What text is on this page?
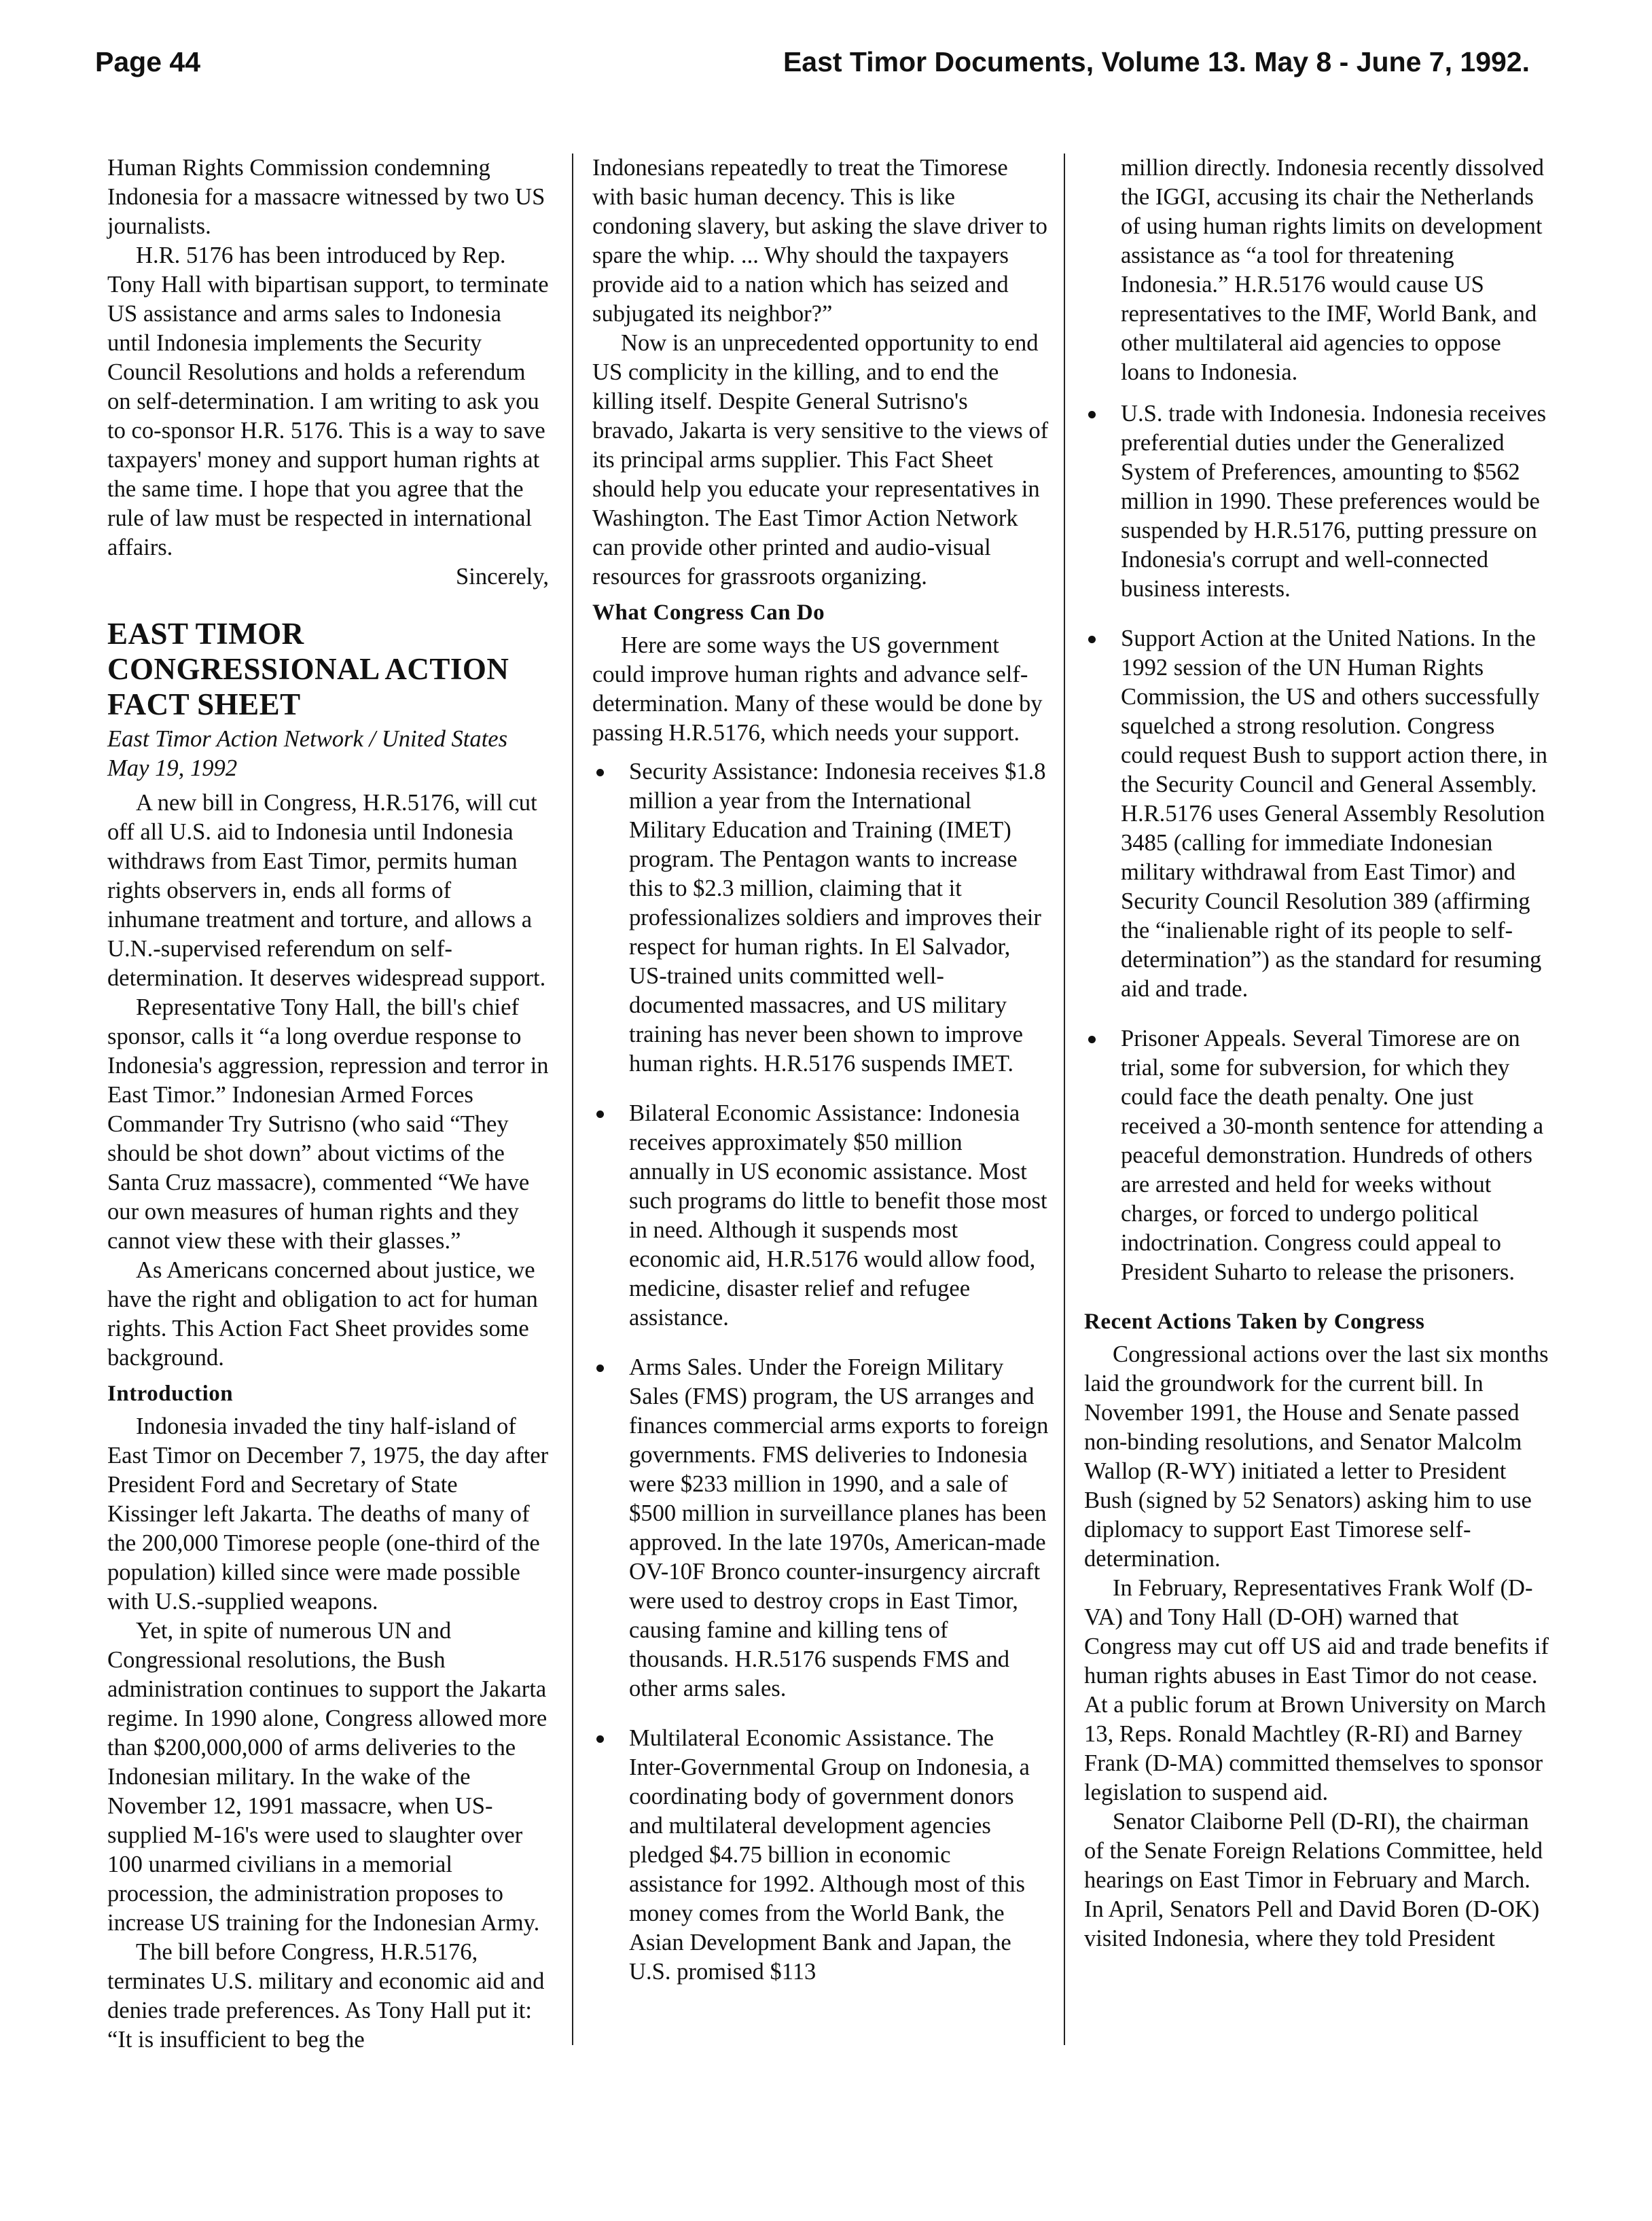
Page 44	East Timor Documents, Volume 13. May 8 - June 7, 1992.

Human Rights Commission condemning Indonesia for a massacre witnessed by two US journalists.

H.R. 5176 has been introduced by Rep. Tony Hall with bipartisan support, to terminate US assistance and arms sales to Indonesia until Indonesia implements the Security Council Resolutions and holds a referendum on self-determination. I am writing to ask you to co-sponsor H.R. 5176. This is a way to save taxpayers' money and support human rights at the same time. I hope that you agree that the rule of law must be respected in international affairs.

Sincerely,

EAST TIMOR CONGRESSIONAL ACTION FACT SHEET
East Timor Action Network / United States
May 19, 1992

A new bill in Congress, H.R.5176, will cut off all U.S. aid to Indonesia until Indonesia withdraws from East Timor, permits human rights observers in, ends all forms of inhumane treatment and torture, and allows a U.N.-supervised referendum on self-determination. It deserves widespread support.

Representative Tony Hall, the bill's chief sponsor, calls it “a long overdue response to Indonesia's aggression, repression and terror in East Timor.” Indonesian Armed Forces Commander Try Sutrisno (who said “They should be shot down” about victims of the Santa Cruz massacre), commented “We have our own measures of human rights and they cannot view these with their glasses.”

As Americans concerned about justice, we have the right and obligation to act for human rights. This Action Fact Sheet provides some background.

Introduction

Indonesia invaded the tiny half-island of East Timor on December 7, 1975, the day after President Ford and Secretary of State Kissinger left Jakarta. The deaths of many of the 200,000 Timorese people (one-third of the population) killed since were made possible with U.S.-supplied weapons.

Yet, in spite of numerous UN and Congressional resolutions, the Bush administration continues to support the Jakarta regime. In 1990 alone, Congress allowed more than $200,000,000 of arms deliveries to the Indonesian military. In the wake of the November 12, 1991 massacre, when US-supplied M-16's were used to slaughter over 100 unarmed civilians in a memorial procession, the administration proposes to increase US training for the Indonesian Army.

The bill before Congress, H.R.5176, terminates U.S. military and economic aid and denies trade preferences. As Tony Hall put it: “It is insufficient to beg the

Indonesians repeatedly to treat the Timorese with basic human decency. This is like condoning slavery, but asking the slave driver to spare the whip. ... Why should the taxpayers provide aid to a nation which has seized and subjugated its neighbor?”

Now is an unprecedented opportunity to end US complicity in the killing, and to end the killing itself. Despite General Sutrisno's bravado, Jakarta is very sensitive to the views of its principal arms supplier. This Fact Sheet should help you educate your representatives in Washington. The East Timor Action Network can provide other printed and audio-visual resources for grassroots organizing.

What Congress Can Do

Here are some ways the US government could improve human rights and advance self-determination. Many of these would be done by passing H.R.5176, which needs your support.

Security Assistance: Indonesia receives $1.8 million a year from the International Military Education and Training (IMET) program. The Pentagon wants to increase this to $2.3 million, claiming that it professionalizes soldiers and improves their respect for human rights. In El Salvador, US-trained units committed well-documented massacres, and US military training has never been shown to improve human rights. H.R.5176 suspends IMET.
Bilateral Economic Assistance: Indonesia receives approximately $50 million annually in US economic assistance. Most such programs do little to benefit those most in need. Although it suspends most economic aid, H.R.5176 would allow food, medicine, disaster relief and refugee assistance.
Arms Sales. Under the Foreign Military Sales (FMS) program, the US arranges and finances commercial arms exports to foreign governments. FMS deliveries to Indonesia were $233 million in 1990, and a sale of $500 million in surveillance planes has been approved. In the late 1970s, American-made OV-10F Bronco counter-insurgency aircraft were used to destroy crops in East Timor, causing famine and killing tens of thousands. H.R.5176 suspends FMS and other arms sales.
Multilateral Economic Assistance. The Inter-Governmental Group on Indonesia, a coordinating body of government donors and multilateral development agencies pledged $4.75 billion in economic assistance for 1992. Although most of this money comes from the World Bank, the Asian Development Bank and Japan, the U.S. promised $113

million directly. Indonesia recently dissolved the IGGI, accusing its chair the Netherlands of using human rights limits on development assistance as “a tool for threatening Indonesia.” H.R.5176 would cause US representatives to the IMF, World Bank, and other multilateral aid agencies to oppose loans to Indonesia.

U.S. trade with Indonesia. Indonesia receives preferential duties under the Generalized System of Preferences, amounting to $562 million in 1990. These preferences would be suspended by H.R.5176, putting pressure on Indonesia's corrupt and well-connected business interests.
Support Action at the United Nations. In the 1992 session of the UN Human Rights Commission, the US and others successfully squelched a strong resolution. Congress could request Bush to support action there, in the Security Council and General Assembly. H.R.5176 uses General Assembly Resolution 3485 (calling for immediate Indonesian military withdrawal from East Timor) and Security Council Resolution 389 (affirming the “inalienable right of its people to self-determination”) as the standard for resuming aid and trade.
Prisoner Appeals. Several Timorese are on trial, some for subversion, for which they could face the death penalty. One just received a 30-month sentence for attending a peaceful demonstration. Hundreds of others are arrested and held for weeks without charges, or forced to undergo political indoctrination. Congress could appeal to President Suharto to release the prisoners.
Recent Actions Taken by Congress

Congressional actions over the last six months laid the groundwork for the current bill. In November 1991, the House and Senate passed non-binding resolutions, and Senator Malcolm Wallop (R-WY) initiated a letter to President Bush (signed by 52 Senators) asking him to use diplomacy to support East Timorese self-determination.

In February, Representatives Frank Wolf (D-VA) and Tony Hall (D-OH) warned that Congress may cut off US aid and trade benefits if human rights abuses in East Timor do not cease. At a public forum at Brown University on March 13, Reps. Ronald Machtley (R-RI) and Barney Frank (D-MA) committed themselves to sponsor legislation to suspend aid.

Senator Claiborne Pell (D-RI), the chairman of the Senate Foreign Relations Committee, held hearings on East Timor in February and March. In April, Senators Pell and David Boren (D-OK) visited Indonesia, where they told President
